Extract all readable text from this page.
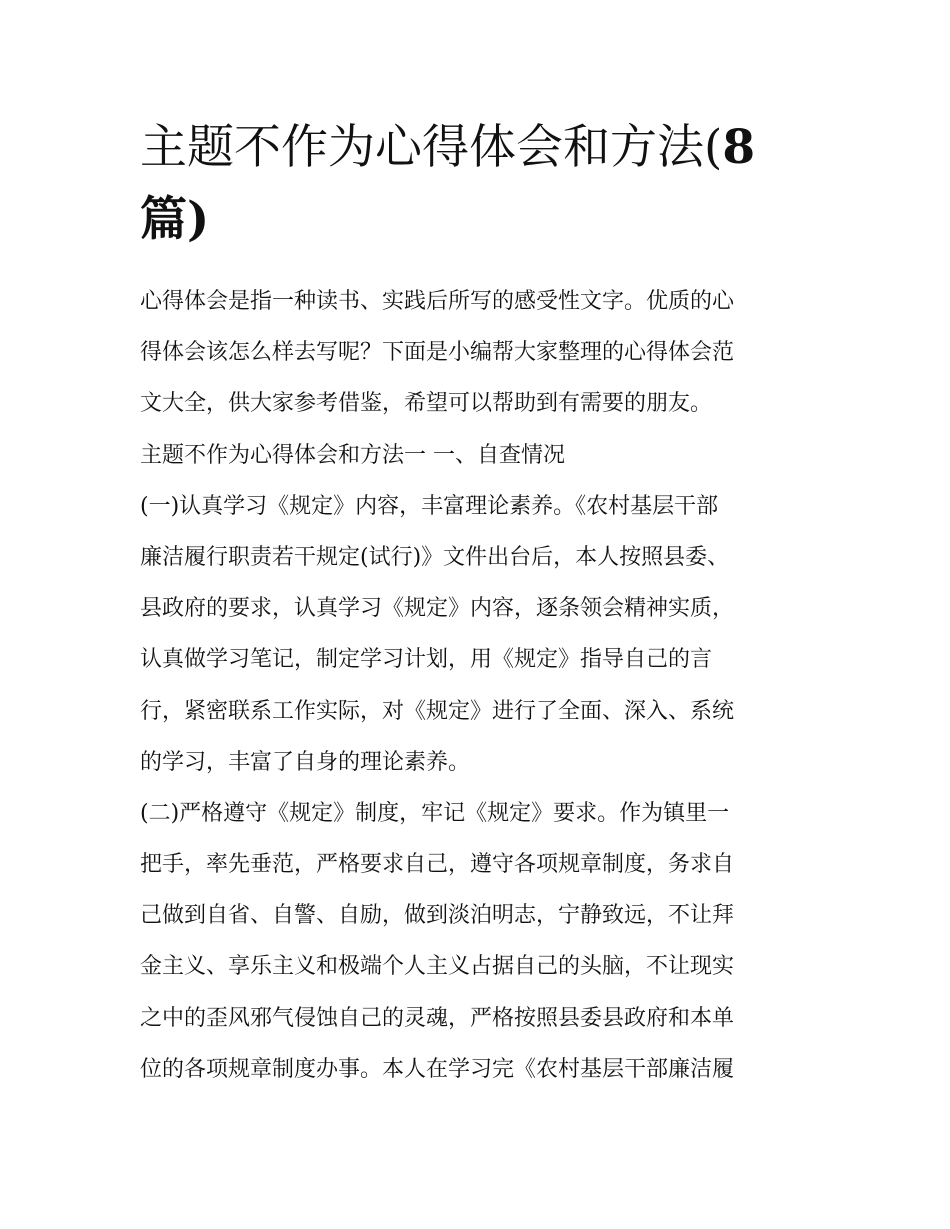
主题不作为心得体会和方法(8
篇)
心得体会是指一种读书、实践后所写的感受性文字。优质的心
得体会该怎么样去写呢？下面是小编帮大家整理的心得体会范
文大全，供大家参考借鉴，希望可以帮助到有需要的朋友。
主题不作为心得体会和方法一 一、自查情况
(一)认真学习《规定》内容，丰富理论素养。《农村基层干部
廉洁履行职责若干规定(试行)》文件出台后，本人按照县委、
县政府的要求，认真学习《规定》内容，逐条领会精神实质，
认真做学习笔记，制定学习计划，用《规定》指导自己的言
行，紧密联系工作实际，对《规定》进行了全面、深入、系统
的学习，丰富了自身的理论素养。
(二)严格遵守《规定》制度，牢记《规定》要求。作为镇里一
把手，率先垂范，严格要求自己，遵守各项规章制度，务求自
己做到自省、自警、自励，做到淡泊明志，宁静致远，不让拜
金主义、享乐主义和极端个人主义占据自己的头脑，不让现实
之中的歪风邪气侵蚀自己的灵魂，严格按照县委县政府和本单
位的各项规章制度办事。本人在学习完《农村基层干部廉洁履
